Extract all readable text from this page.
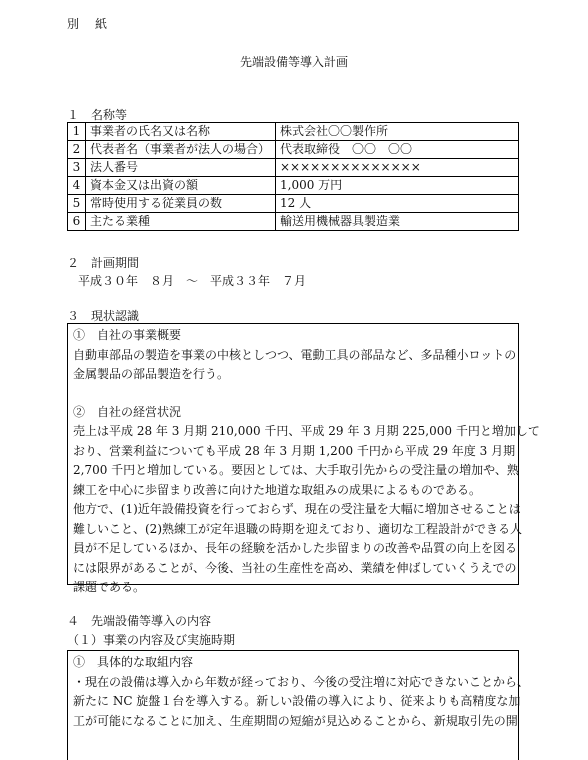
別　紙
先端設備等導入計画
１　名称等
1	事業者の氏名又は名称	株式会社〇〇製作所
2	代表者名（事業者が法人の場合）	代表取締役　〇〇　〇〇
3	法人番号	××××××××××××××
4	資本金又は出資の額	1,000 万円
5	常時使用する従業員の数	12 人
6	主たる業種	輸送用機械器具製造業
２　計画期間
平成３０年　８月　～　平成３３年　７月
３　現状認識
①　自社の事業概要
自動車部品の製造を事業の中核としつつ、電動工具の部品など、多品種小ロットの
金属製品の部品製造を行う。
②　自社の経営状況
売上は平成 28 年 3 月期 210,000 千円、平成 29 年 3 月期 225,000 千円と増加して
おり、営業利益についても平成 28 年 3 月期 1,200 千円から平成 29 年度 3 月期
2,700 千円と増加している。要因としては、大手取引先からの受注量の増加や、熟
練工を中心に歩留まり改善に向けた地道な取組みの成果によるものである。
他方で、(1)近年設備投資を行っておらず、現在の受注量を大幅に増加させることは
難しいこと、(2)熟練工が定年退職の時期を迎えており、適切な工程設計ができる人
員が不足しているほか、長年の経験を活かした歩留まりの改善や品質の向上を図る
には限界があることが、今後、当社の生産性を高め、業績を伸ばしていくうえでの
課題である。
４　先端設備等導入の内容
（１）事業の内容及び実施時期
①　具体的な取組内容
・現在の設備は導入から年数が経っており、今後の受注増に対応できないことから、
新たに NC 旋盤１台を導入する。新しい設備の導入により、従来よりも高精度な加
工が可能になることに加え、生産期間の短縮が見込めることから、新規取引先の開
